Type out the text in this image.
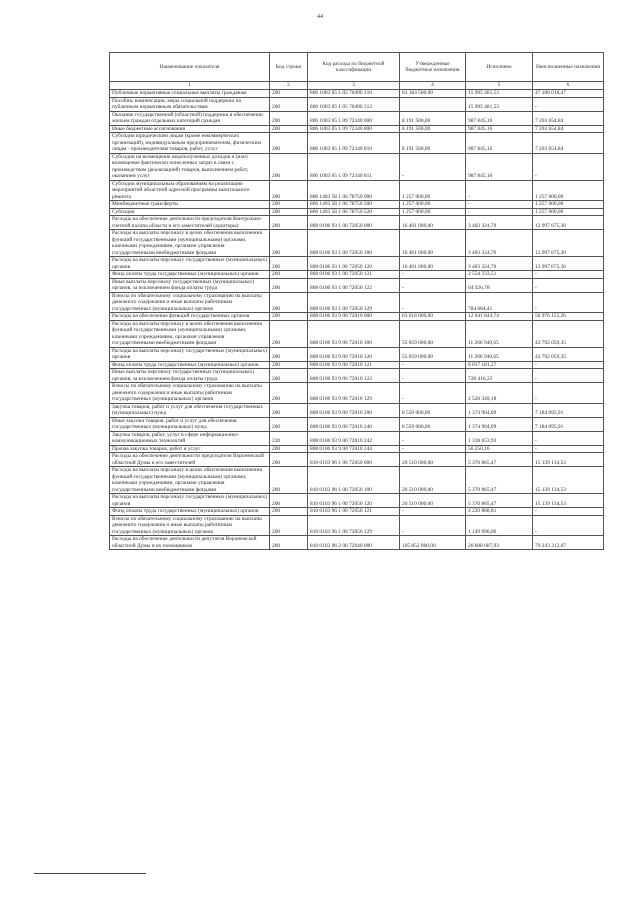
44
Наименование показателя	Код строки	Код расхода по бюджетной классификации	Утвержденные бюджетные назначения	Исполнено	Неисполненные назначения
1	2	3	4	5	6
Публичные нормативные социальные выплаты гражданам	200	806 1003 05 1 05 70490 310	63 183 500,00	15 995 481,53	47 188 018,47
Пособия, компенсации, меры социальной поддержки по публичным нормативным обязательствам	200	806 1003 05 1 05 70490 313		15 995 481,53	-
Оказание государственной (областной) поддержки в обеспечении жильем граждан отдельных категорий граждан	200	806 1003 05 1 09 72340 000	8 191 500,00	987 845,16	7 203 654,84
Иные бюджетные ассигнования	200	806 1003 05 1 09 72340 800	8 191 500,00	987 845,16	7 203 654,84
Субсидии юридическим лицам (кроме некоммерческих организаций), индивидуальным предпринимателям, физическим лицам - производителям товаров, работ, услуг	200	806 1003 05 1 09 72340 810	8 191 500,00	987 845,16	7 203 654,84
Субсидии на возмещение недополученных доходов и (или) возмещение фактически понесенных затрат в связи с производством (реализацией) товаров, выполнением работ, оказанием услуг	200	806 1003 05 1 09 72340 811	-	987 845,16	-
Субсидии муниципальным образованиям на реализацию мероприятий областной адресной программы капитального ремонта	200	806 1403 58 1 06 78750 000	1 257 000,00	-	1 257 000,00
Межбюджетные трансферты	200	806 1403 58 1 06 78750 500	1 257 000,00	-	1 257 000,00
Субсидии	200	806 1403 58 1 06 78750 520	1 257 000,00	-	1 257 000,00
Расходы на обеспечение деятельности председателя Контрольно-счетной палаты области и его заместителей (аудиторы)	200	808 0106 93 1 00 72050 000	16 401 000,00	3 403 324,70	12 997 675,30
Расходы на выплаты персоналу в целях обеспечения выполнения функций государственными (муниципальными) органами, казенными учреждениями, органами управления государственными внебюджетными фондами	200	808 0106 93 1 00 72050 100	16 401 000,00	3 403 324,70	12 997 675,30
Расходы на выплаты персоналу государственных (муниципальных) органов	200	808 0106 93 1 00 72050 120	16 401 000,00	3 403 324,70	12 997 675,30
Фонд оплаты труда государственных (муниципальных) органов	200	808 0106 93 1 00 72050 121	-	2 554 333,51	-
Иные выплаты персоналу государственных (муниципальных) органов, за исключением фонда оплаты труда	200	808 0106 93 1 00 72050 122	-	64 326,78	-
Взносы по обязательному социальному страхованию на выплаты денежного содержания и иные выплаты работникам государственных (муниципальных) органов	200	808 0106 93 1 00 72050 129	-	784 664,41	-
Расходы на обеспечение функций государственных органов	200	808 0106 93 9 00 72010 000	63 618 000,00	12 641 844,74	50 976 155,26
Расходы на выплаты персоналу в целях обеспечения выполнения функций государственными (муниципальными) органами, казенными учреждениями, органами управления государственными внебюджетными фондами	200	808 0106 93 9 00 72010 100	55 059 000,00	11 266 940,65	43 792 059,35
Расходы на выплаты персоналу государственных (муниципальных) органов	200	808 0106 93 9 00 72010 120	55 059 000,00	11 266 940,65	43 792 059,35
Фонд оплаты труда государственных (муниципальных) органов	200	808 0106 93 9 00 72010 121	-	8 017 181,27	-
Иные выплаты персоналу государственных (муниципальных) органов, за исключением фонда оплаты труда	200	808 0106 93 9 00 72010 122	-	728 410,25	-
Взносы по обязательному социальному страхованию на выплаты денежного содержания и иные выплаты работникам государственных (муниципальных) органов	200	808 0106 93 9 00 72010 129	-	2 520 349,18	-
Закупка товаров, работ и услуг для обеспечения государственных (муниципальных) нужд	200	808 0106 93 9 00 72010 200	8 559 000,00	1 374 904,09	7 184 095,91
Иные закупки товаров, работ и услуг для обеспечения государственных (муниципальных) нужд	200	808 0106 93 9 00 72010 240	8 559 000,00	1 374 904,09	7 184 095,91
Закупка товаров, работ, услуг в сфере информационно-коммуникационных технологий	220	808 0106 93 9 00 72010 242	-	1 318 653,93	-
Прочая закупка товаров, работ и услуг	200	808 0106 93 9 00 72010 244	-	56 250,16	-
Расходы на обеспечение деятельности председателя Воронежской областной Думы и его заместителей	200	810 0103 96 1 00 72050 000	20 510 000,00	5 370 865,47	15 139 134,53
Расходы на выплаты персоналу в целях обеспечения выполнения функций государственными (муниципальными) органами, казенными учреждениями, органами управления государственными внебюджетными фондами	200	810 0103 96 1 00 72050 100	20 510 000,00	5 370 865,47	15 139 134,53
Расходы на выплаты персоналу государственных (муниципальных) органов	200	810 0103 96 1 00 72050 120	20 510 000,00	5 370 865,47	15 139 134,53
Фонд оплаты труда государственных (муниципальных) органов	200	810 0103 96 1 00 72050 121	-	4 220 868,81	-
Взносы по обязательному социальному страхованию на выплаты денежного содержания и иные выплаты работникам государственных (муниципальных) органов	200	810 0103 96 1 00 72050 129	-	1 149 996,66	-
Расходы на обеспечение деятельности депутатов Воронежской областной Думы и их помощников	200	810 0103 96 2 00 72040 000	105 852 000,00	26 608 687,93	79 243 312,07
